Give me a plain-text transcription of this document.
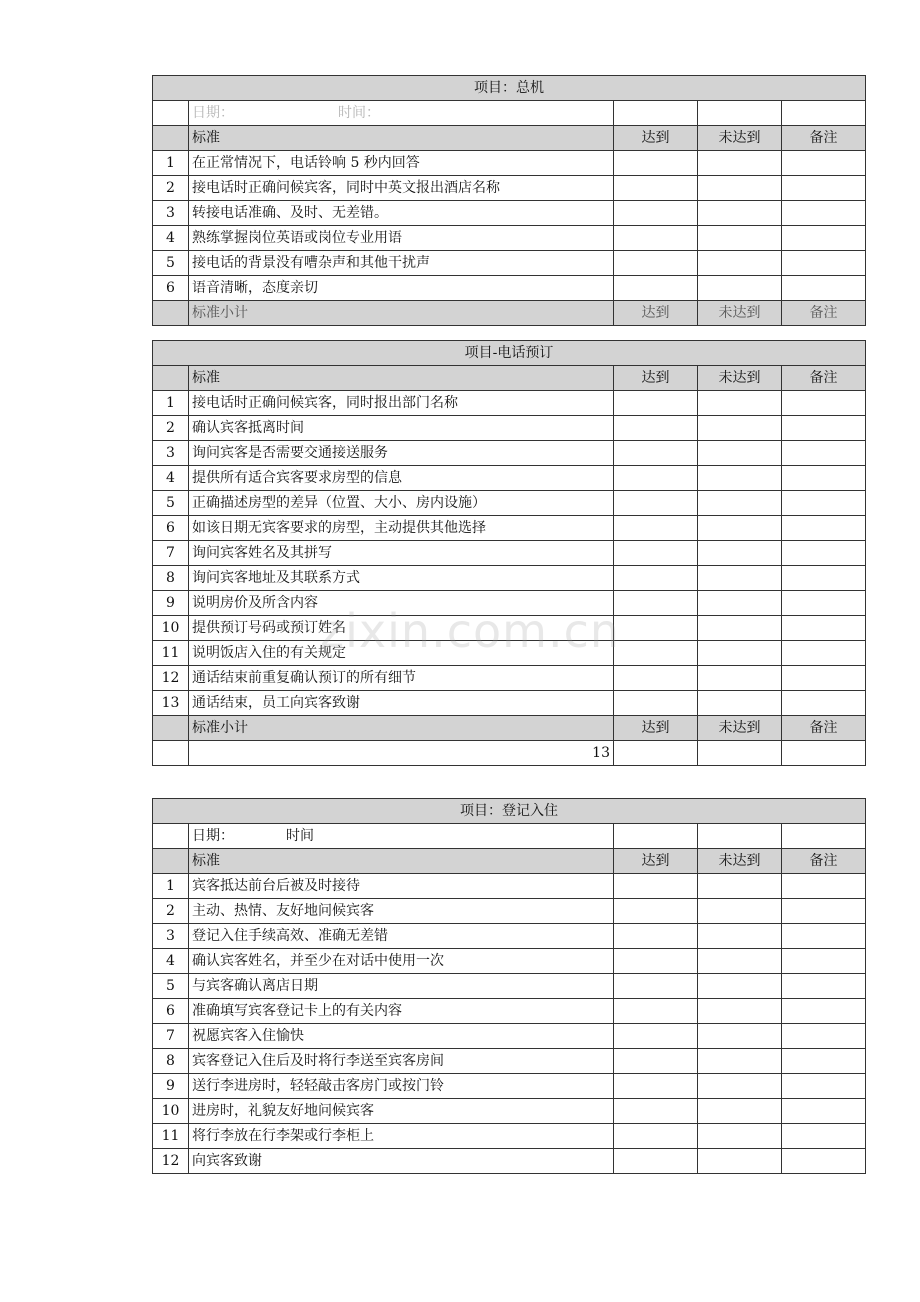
项目：总机				
	日期： 时间：			
	标准	达到	未达到	备注
1	在正常情况下，电话铃响 5 秒内回答			
2	接电话时正确问候宾客，同时中英文报出酒店名称			
3	转接电话准确、及时、无差错。			
4	熟练掌握岗位英语或岗位专业用语			
5	接电话的背景没有嘈杂声和其他干扰声			
6	语音清晰，态度亲切			
	标准小计	达到	未达到	备注
项目-电话预订				
	标准	达到	未达到	备注
1	接电话时正确问候宾客，同时报出部门名称			
2	确认宾客抵离时间			
3	询问宾客是否需要交通接送服务			
4	提供所有适合宾客要求房型的信息			
5	正确描述房型的差异（位置、大小、房内设施）			
6	如该日期无宾客要求的房型，主动提供其他选择			
7	询问宾客姓名及其拼写			
8	询问宾客地址及其联系方式			
9	说明房价及所含内容			
10	提供预订号码或预订姓名			
11	说明饭店入住的有关规定			
12	通话结束前重复确认预订的所有细节			
13	通话结束，员工向宾客致谢			
	标准小计	达到	未达到	备注
	13			
项目：登记入住				
	日期： 时间			
	标准	达到	未达到	备注
1	宾客抵达前台后被及时接待			
2	主动、热情、友好地问候宾客			
3	登记入住手续高效、准确无差错			
4	确认宾客姓名，并至少在对话中使用一次			
5	与宾客确认离店日期			
6	准确填写宾客登记卡上的有关内容			
7	祝愿宾客入住愉快			
8	宾客登记入住后及时将行李送至宾客房间			
9	送行李进房时，轻轻敲击客房门或按门铃			
10	进房时，礼貌友好地问候宾客			
11	将行李放在行李架或行李柜上			
12	向宾客致谢			
zixin.com.cn
